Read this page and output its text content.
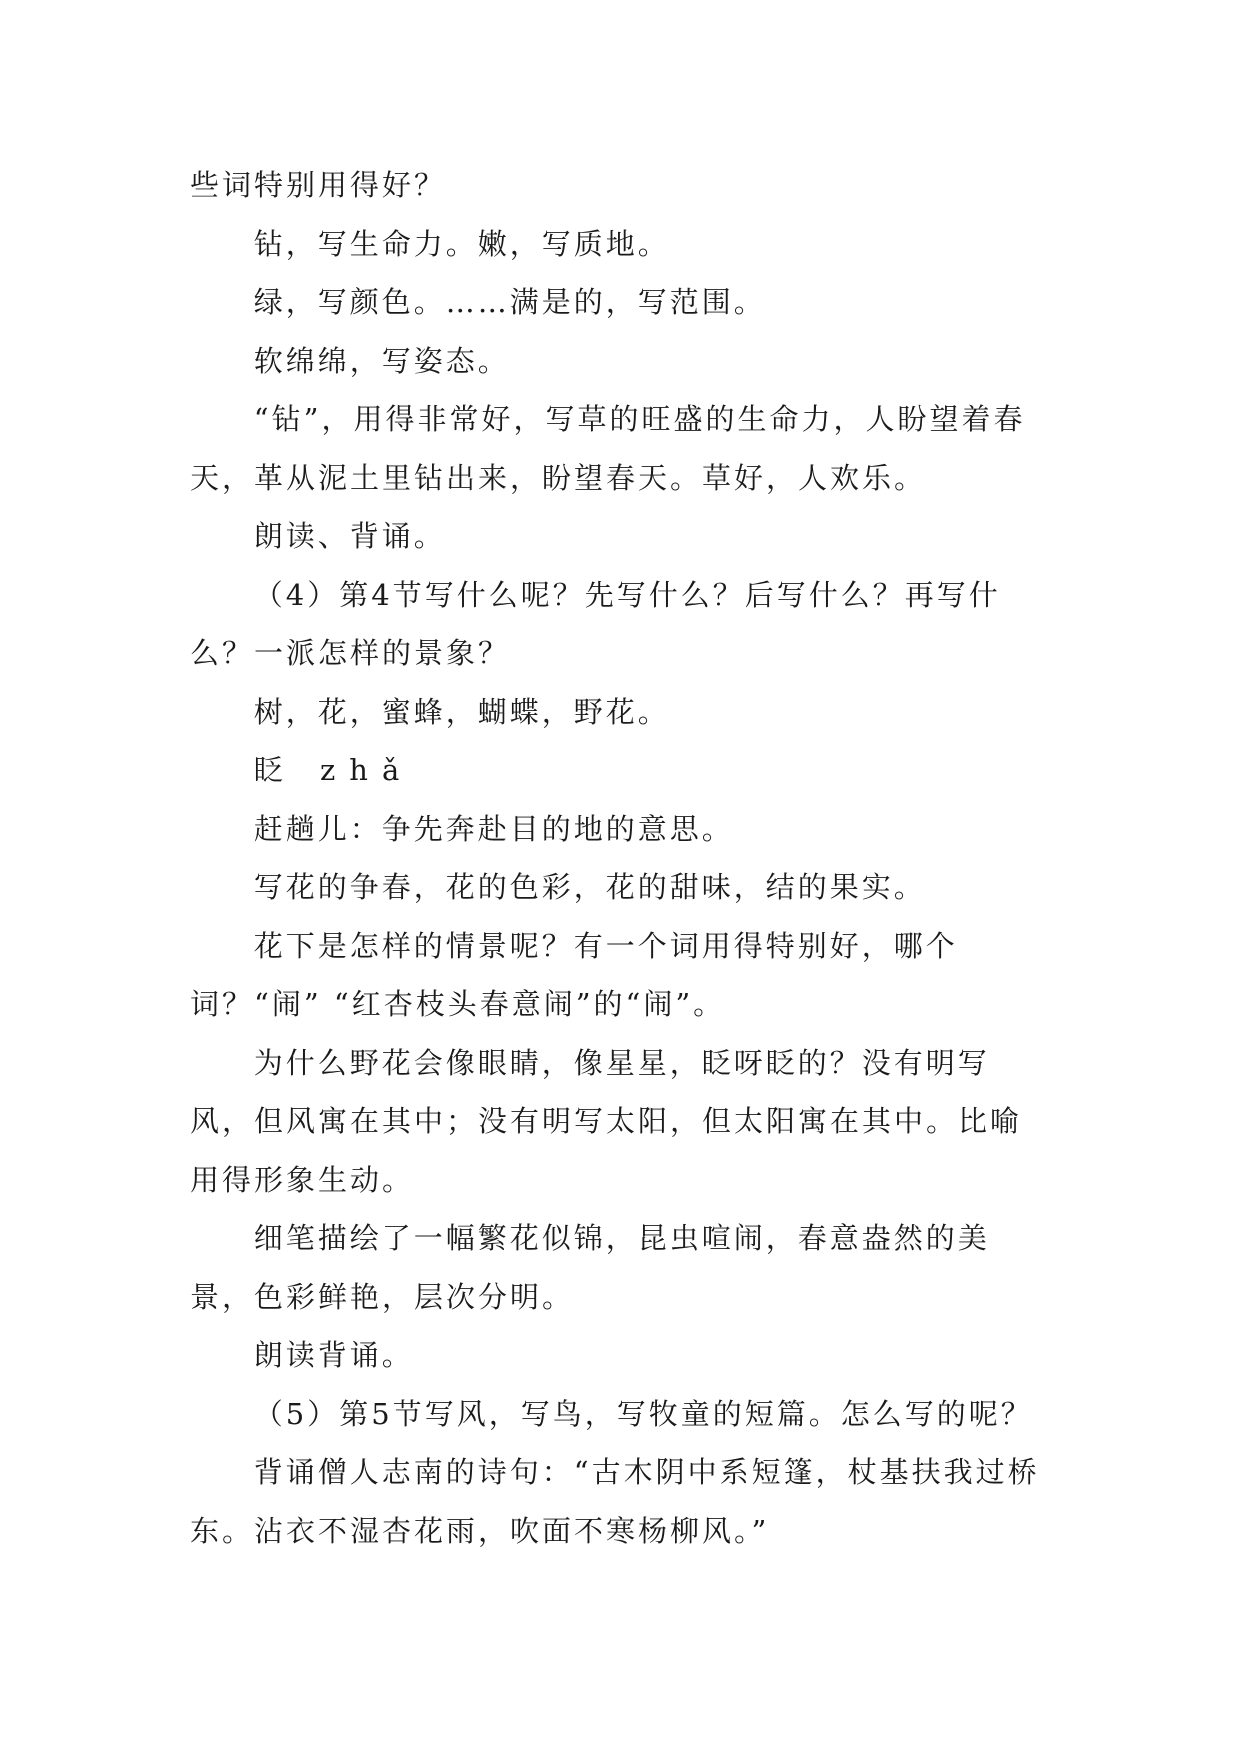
些词特别用得好？

钻，写生命力。嫩，写质地。

绿，写颜色。……满是的，写范围。

软绵绵，写姿态。

“钻”，用得非常好，写草的旺盛的生命力，人盼望着春天，革从泥土里钻出来，盼望春天。草好，人欢乐。

朗读、背诵。

（4）第4节写什么呢？先写什么？后写什么？再写什么？一派怎样的景象？

树，花，蜜蜂，蝴蝶，野花。

眨 zhǎ

赶趟儿：争先奔赴目的地的意思。

写花的争春，花的色彩，花的甜味，结的果实。

花下是怎样的情景呢？有一个词用得特别好，哪个词？“闹” “红杏枝头春意闹”的“闹”。

为什么野花会像眼睛，像星星，眨呀眨的？没有明写风，但风寓在其中；没有明写太阳，但太阳寓在其中。比喻用得形象生动。

细笔描绘了一幅繁花似锦，昆虫喧闹，春意盎然的美景，色彩鲜艳，层次分明。

朗读背诵。

（5）第5节写风，写鸟，写牧童的短篇。怎么写的呢？

背诵僧人志南的诗句：“古木阴中系短篷，杖基扶我过桥东。沾衣不湿杏花雨，吹面不寒杨柳风。”
